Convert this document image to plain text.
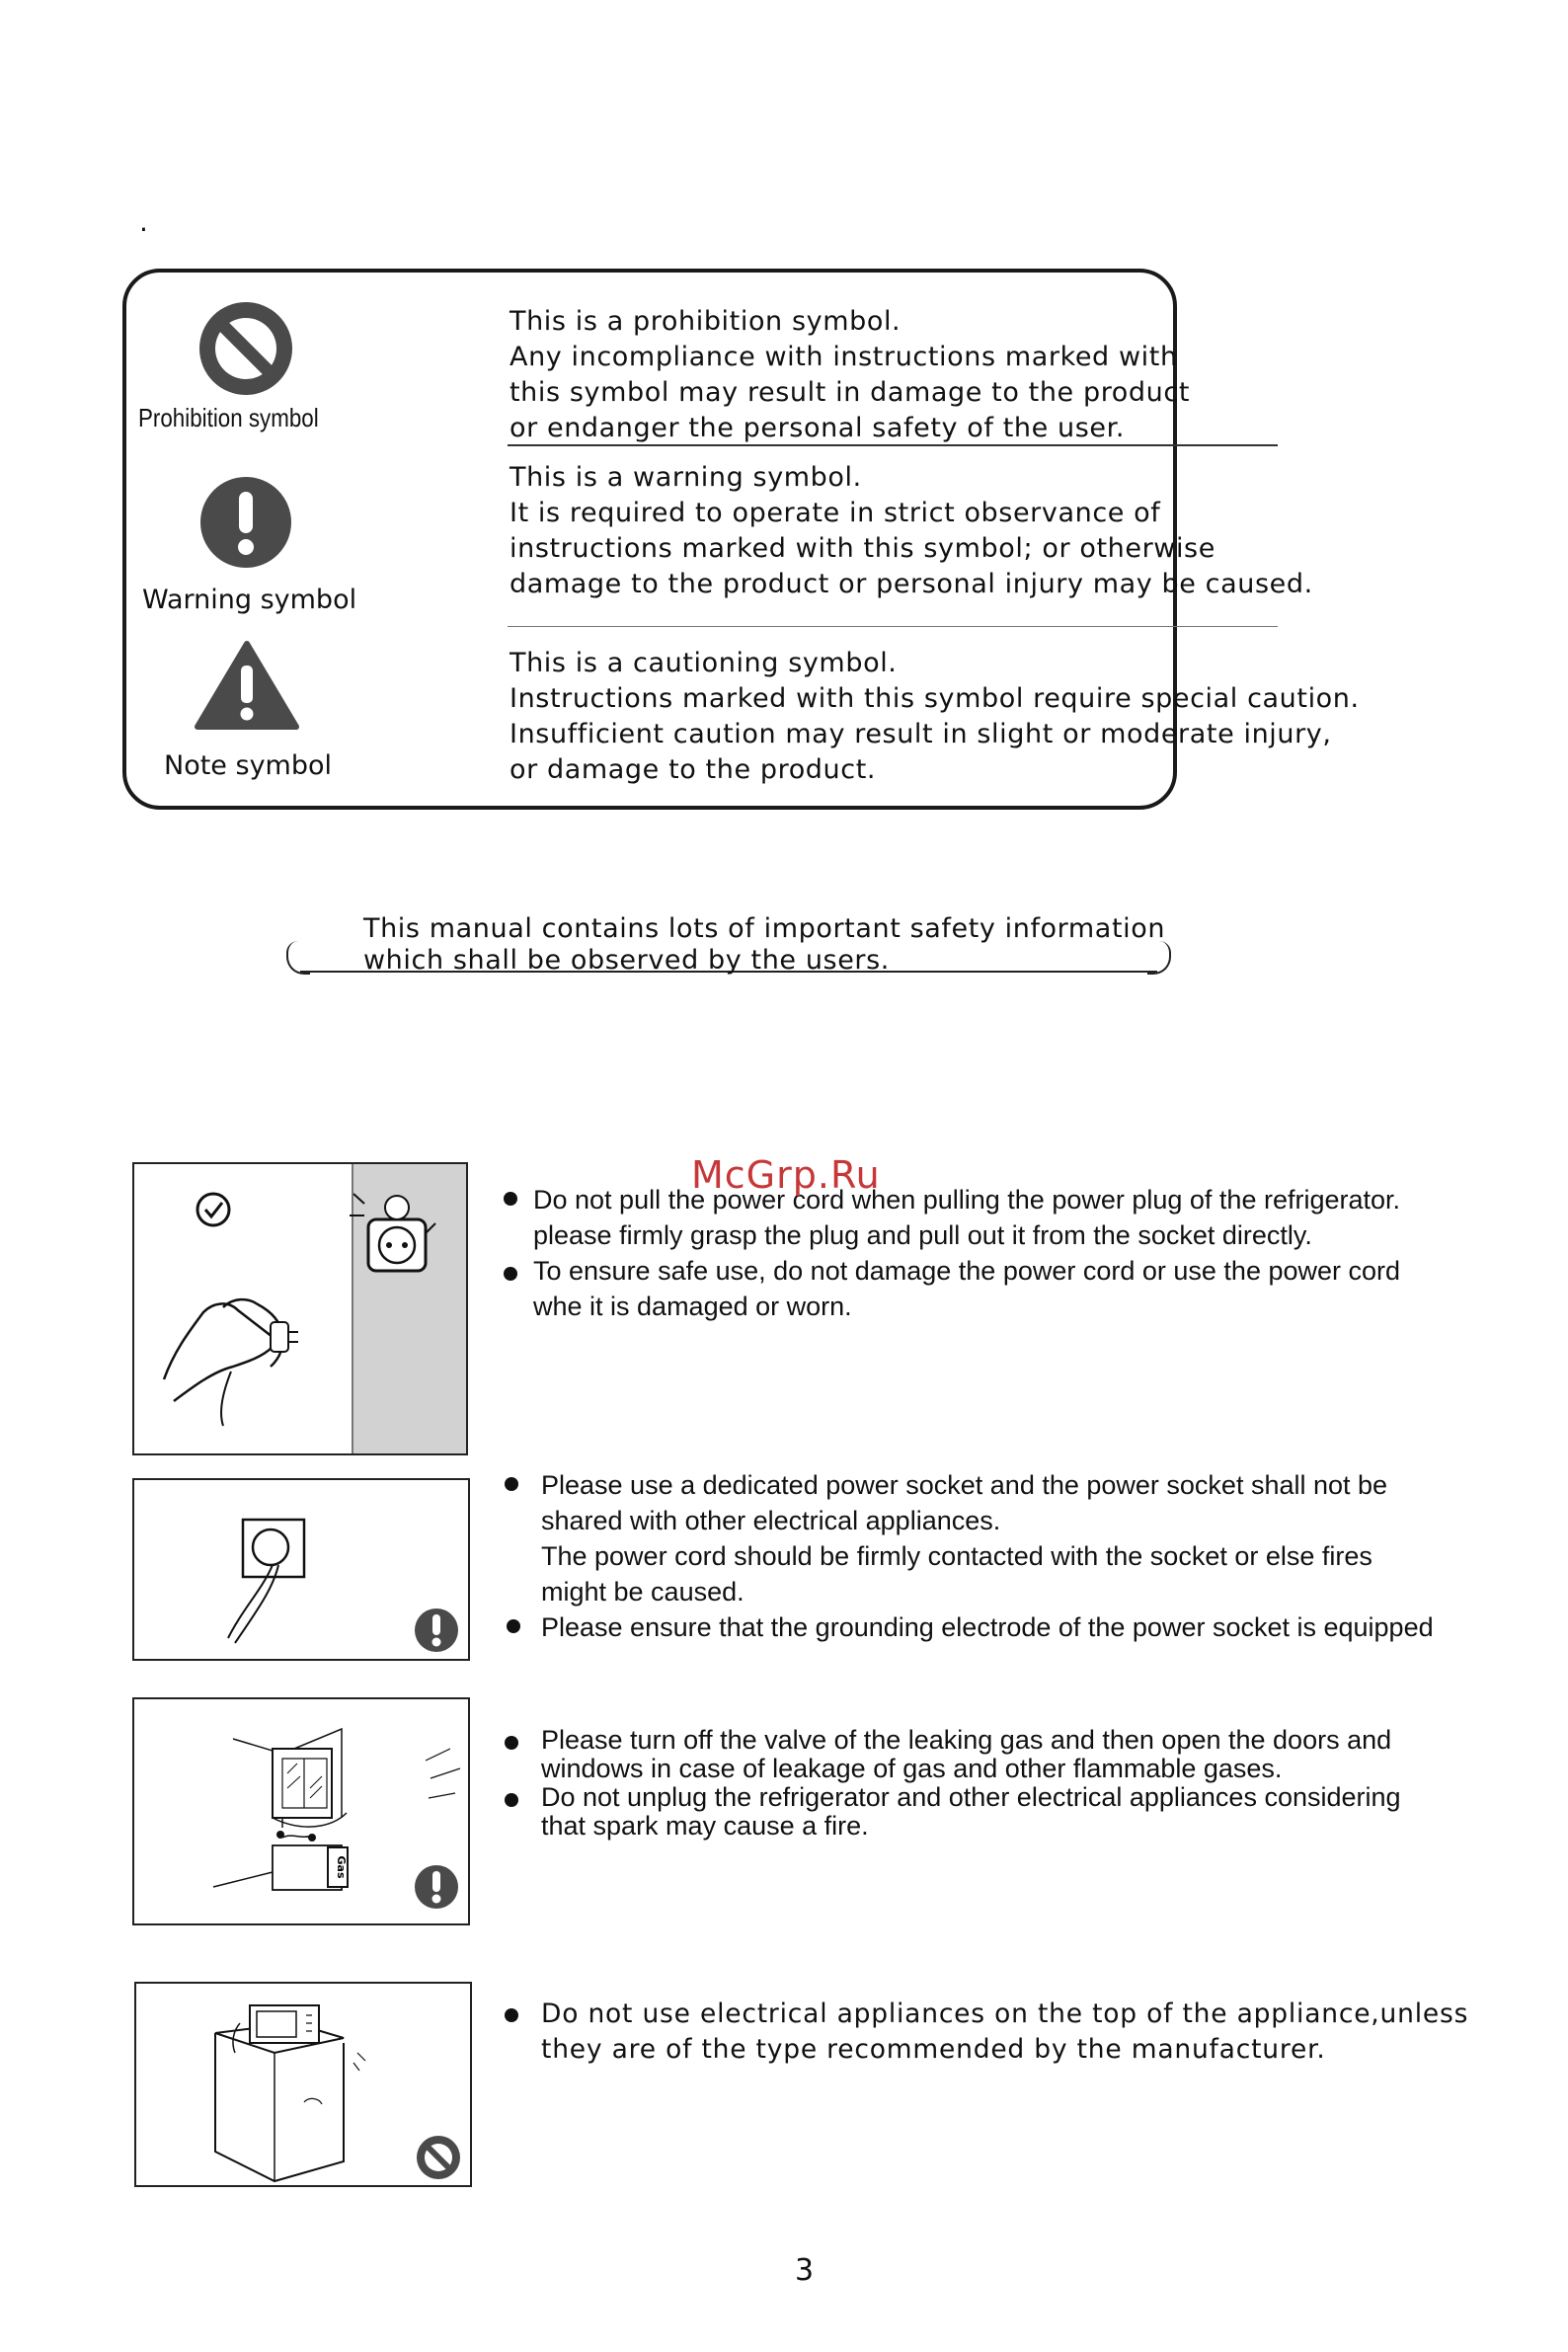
.
Prohibition symbol
Warning symbol
Note symbol
This is a prohibition symbol.
Any incompliance with instructions marked with
this symbol may result in damage to the product
or endanger the personal safety of the user.
This is a warning symbol.
It is required to operate in strict observance of
instructions marked with this symbol; or otherwise
damage to the product or personal injury may be caused.
This is a cautioning symbol.
Instructions marked with this symbol require special caution.
Insufficient caution may result in slight or moderate injury,
or damage to the product.
This manual contains lots of important safety information
which shall be observed by the users.
Do not pull the power cord when pulling the power plug of the refrigerator.
please firmly grasp the plug and pull out it from the socket directly.
To ensure safe use, do not damage the power cord or use the power cord
whe it is damaged or worn.
Please use a dedicated power socket and the power socket shall not be
shared with other electrical appliances.
The power cord should be firmly contacted with the socket or else fires
might be caused.
Please ensure that the grounding electrode of the power socket is equipped
Gas
Please turn off the valve of the leaking gas and then open the doors and
windows in case of leakage of gas and other flammable gases.
Do not unplug the refrigerator and other electrical appliances considering
that spark may cause a fire.
Do not use electrical appliances on the top of the appliance,unless
they are of the type recommended by the manufacturer.
McGrp.Ru
3
